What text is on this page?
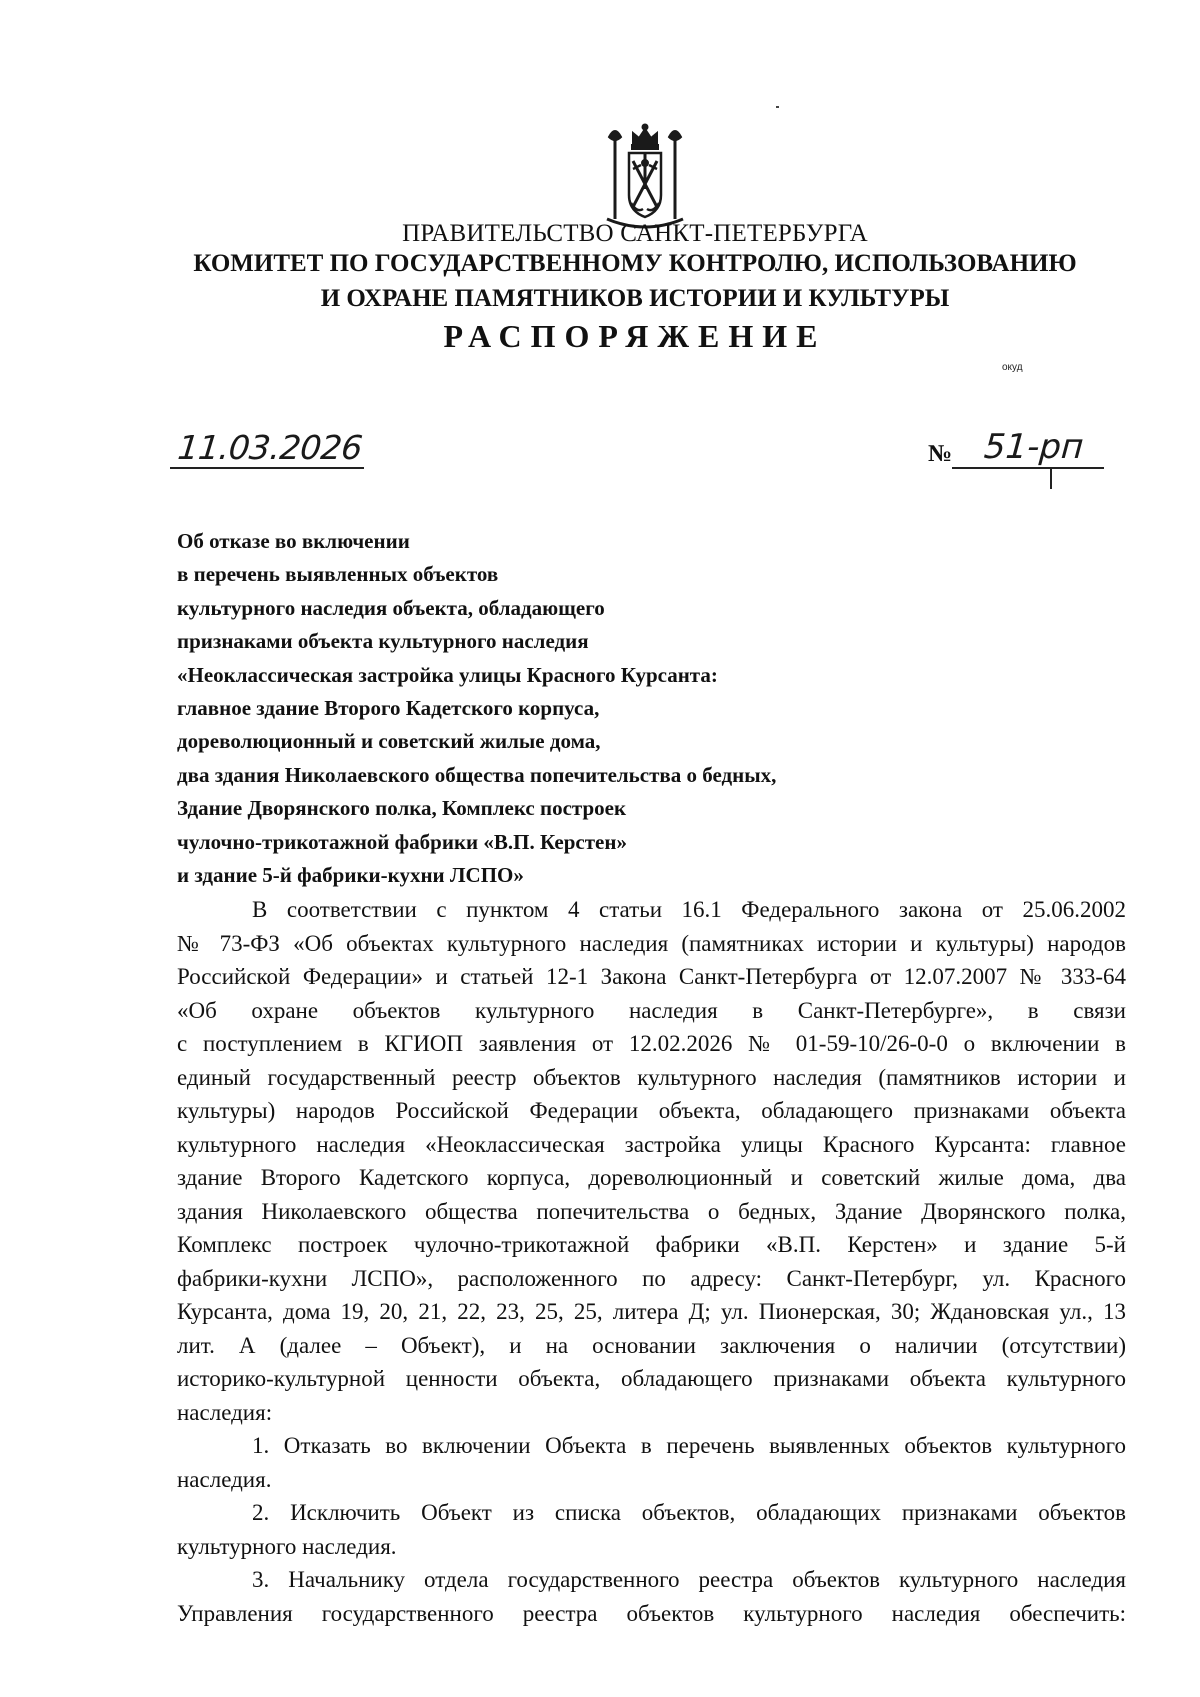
ПРАВИТЕЛЬСТВО САНКТ-ПЕТЕРБУРГА
КОМИТЕТ ПО ГОСУДАРСТВЕННОМУ КОНТРОЛЮ, ИСПОЛЬЗОВАНИЮ
И ОХРАНЕ ПАМЯТНИКОВ ИСТОРИИ И КУЛЬТУРЫ
РАСПОРЯЖЕНИЕ
окуд
11.03.2026	№ 51-рп
Об отказе во включении
в перечень выявленных объектов
культурного наследия объекта, обладающего
признаками объекта культурного наследия
«Неоклассическая застройка улицы Красного Курсанта:
главное здание Второго Кадетского корпуса,
дореволюционный и советский жилые дома,
два здания Николаевского общества попечительства о бедных,
Здание Дворянского полка, Комплекс построек
чулочно-трикотажной фабрики «В.П. Керстен»
и здание 5-й фабрики-кухни ЛСПО»
В соответствии с пунктом 4 статьи 16.1 Федерального закона от 25.06.2002
№ 73-ФЗ «Об объектах культурного наследия (памятниках истории и культуры) народов
Российской Федерации» и статьей 12-1 Закона Санкт-Петербурга от 12.07.2007 № 333-64
«Об охране объектов культурного наследия в Санкт-Петербурге», в связи
с поступлением в КГИОП заявления от 12.02.2026 № 01-59-10/26-0-0 о включении в
единый государственный реестр объектов культурного наследия (памятников истории и
культуры) народов Российской Федерации объекта, обладающего признаками объекта
культурного наследия «Неоклассическая застройка улицы Красного Курсанта: главное
здание Второго Кадетского корпуса, дореволюционный и советский жилые дома, два
здания Николаевского общества попечительства о бедных, Здание Дворянского полка,
Комплекс построек чулочно-трикотажной фабрики «В.П. Керстен» и здание 5-й
фабрики-кухни ЛСПО», расположенного по адресу: Санкт-Петербург, ул. Красного
Курсанта, дома 19, 20, 21, 22, 23, 25, 25, литера Д; ул. Пионерская, 30; Ждановская ул., 13
лит. А (далее – Объект), и на основании заключения о наличии (отсутствии)
историко-культурной ценности объекта, обладающего признаками объекта культурного
наследия:
1. Отказать во включении Объекта в перечень выявленных объектов культурного
наследия.
2. Исключить Объект из списка объектов, обладающих признаками объектов
культурного наследия.
3. Начальнику отдела государственного реестра объектов культурного наследия
Управления государственного реестра объектов культурного наследия обеспечить:
